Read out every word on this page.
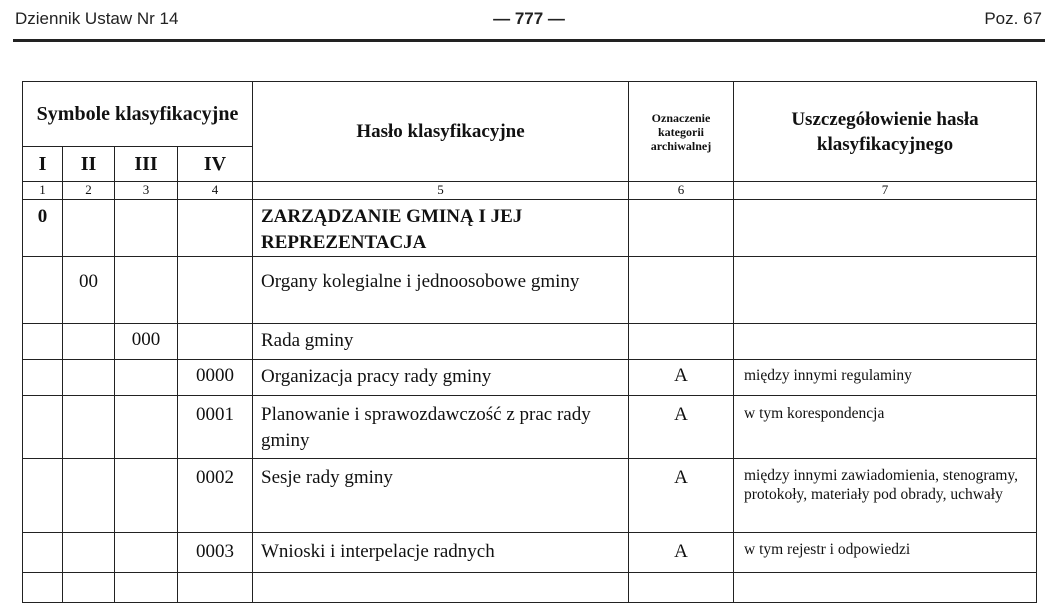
Dziennik Ustaw Nr 14	— 777 —	Poz. 67
Symbole klasyfikacyjne				Hasło klasyfikacyjne	Oznaczenie kategorii archiwalnej	Uszczegółowienie hasła klasyfikacyjnego
I	II	III	IV			
1	2	3	4	5	6	7
0				ZARZĄDZANIE GMINĄ I JEJ REPREZENTACJA		
	00			Organy kolegialne i jednoosobowe gminy		
		000		Rada gminy		
			0000	Organizacja pracy rady gminy	A	między innymi regulaminy
			0001	Planowanie i sprawozdawczość z prac rady gminy	A	w tym korespondencja
			0002	Sesje rady gminy	A	między innymi zawiadomienia, stenogramy, protokoły, materiały pod obrady, uchwały
			0003	Wnioski i interpelacje radnych	A	w tym rejestr i odpowiedzi
